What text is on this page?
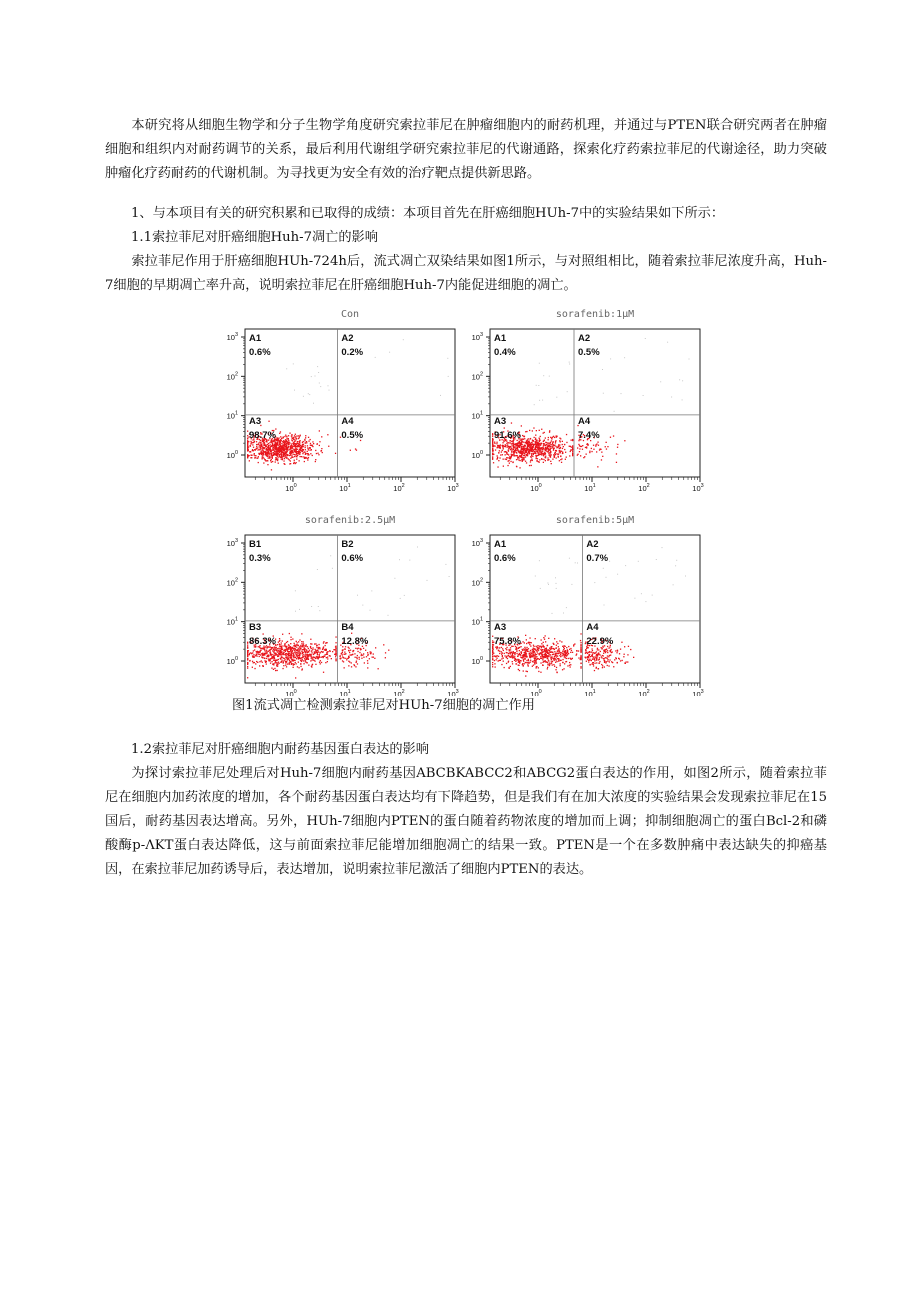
本研究将从细胞生物学和分子生物学角度研究索拉菲尼在肿瘤细胞内的耐药机理，并通过与PTEN联合研究两者在肿瘤细胞和组织内对耐药调节的关系，最后利用代谢组学研究索拉菲尼的代谢通路，探索化疗药索拉菲尼的代谢途径，助力突破肿瘤化疗药耐药的代谢机制。为寻找更为安全有效的治疗靶点提供新思路。

1、与本项目有关的研究积累和已取得的成绩：本项目首先在肝癌细胞HUh-7中的实验结果如下所示：

1.1索拉菲尼对肝癌细胞Huh-7凋亡的影响

索拉菲尼作用于肝癌细胞HUh-724h后，流式凋亡双染结果如图1所示，与对照组相比，随着索拉菲尼浓度升高，Huh-7细胞的早期凋亡率升高，说明索拉菲尼在肝癌细胞Huh-7内能促进细胞的凋亡。

Con
$10^3$
$10^2$
$10^1$
$10^0$
$10^0$	$10^1$	$10^2$	$10^3$
A1
0.6%
A2
0.2%
A3
98.7%
A4
0.5%
sorafenib:1μM
$10^3$
$10^2$
$10^1$
$10^0$
$10^0$	$10^1$	$10^2$	$10^3$
A1
0.4%
A2
0.5%
A3
91.6%
A4
7.4%
sorafenib:2.5μM
$10^3$
$10^2$
$10^1$
$10^0$
$10^0$	$10^1$	$10^2$	$10^3$
B1
0.3%
B2
0.6%
B3
86.3%
B4
12.8%
sorafenib:5μM
$10^3$
$10^2$
$10^1$
$10^0$
$10^0$	$10^1$	$10^2$	$10^3$
A1
0.6%
A2
0.7%
A3
75.8%
A4
22.9%
图1流式凋亡检测索拉菲尼对HUh-7细胞的凋亡作用

1.2索拉菲尼对肝癌细胞内耐药基因蛋白表达的影响

为探讨索拉菲尼处理后对Huh-7细胞内耐药基因ABCBKABCC2和ABCG2蛋白表达的作用，如图2所示，随着索拉菲尼在细胞内加药浓度的增加，各个耐药基因蛋白表达均有下降趋势，但是我们有在加大浓度的实验结果会发现索拉菲尼在15国后，耐药基因表达增高。另外，HUh-7细胞内PTEN的蛋白随着药物浓度的增加而上调；抑制细胞凋亡的蛋白Bcl-2和磷酸酶p-ΛKT蛋白表达降低，这与前面索拉菲尼能增加细胞凋亡的结果一致。PTEN是一个在多数肿痛中表达缺失的抑癌基因，在索拉菲尼加药诱导后，表达增加，说明索拉菲尼激活了细胞内PTEN的表达。
